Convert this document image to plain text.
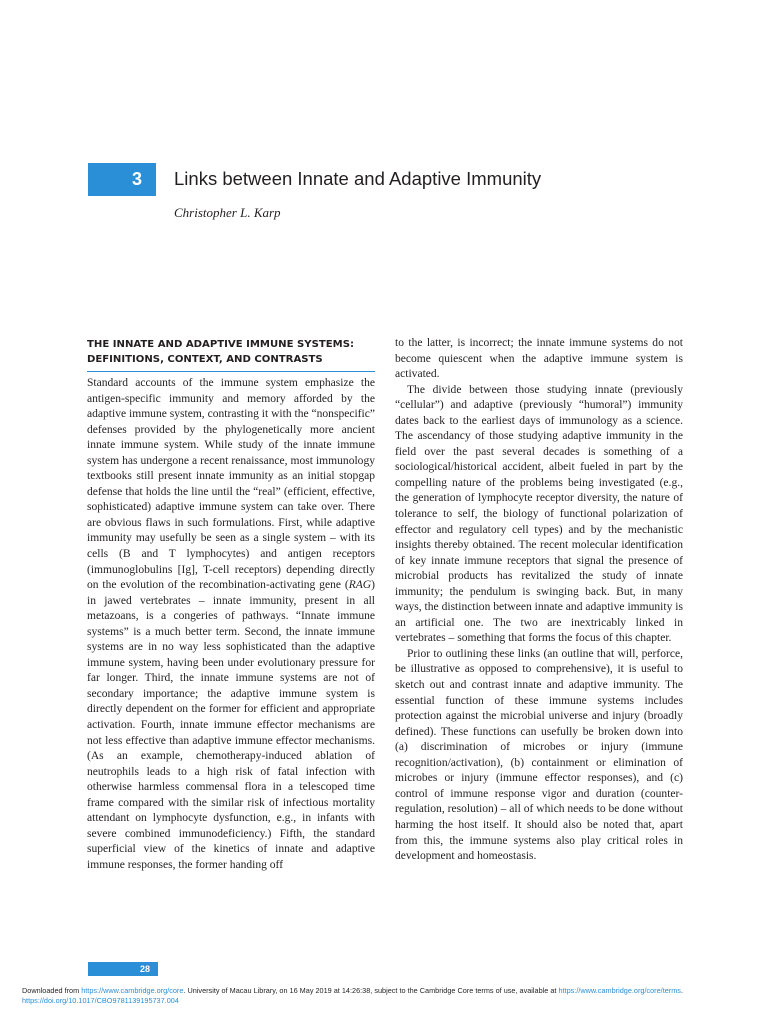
3 Links between Innate and Adaptive Immunity
Christopher L. Karp
THE INNATE AND ADAPTIVE IMMUNE SYSTEMS:
DEFINITIONS, CONTEXT, AND CONTRASTS

Standard accounts of the immune system emphasize the antigen-specific immunity and memory afforded by the adaptive immune system, contrasting it with the “nonspecific” defenses provided by the phylogenetically more ancient innate immune system. While study of the innate immune system has undergone a recent renaissance, most immunology textbooks still present innate immunity as an initial stopgap defense that holds the line until the “real” (efficient, effective, sophisticated) adaptive immune system can take over. There are obvious flaws in such formulations. First, while adaptive immunity may usefully be seen as a single system – with its cells (B and T lymphocytes) and antigen receptors (immunoglobulins [Ig], T-cell receptors) depending directly on the evolution of the recombination-activating gene (RAG) in jawed vertebrates – innate immunity, present in all metazoans, is a congeries of pathways. “Innate immune systems” is a much better term. Second, the innate immune systems are in no way less sophisticated than the adaptive immune system, having been under evolutionary pressure for far longer. Third, the innate immune systems are not of secondary importance; the adaptive immune system is directly dependent on the former for efficient and appropriate activation. Fourth, innate immune effector mechanisms are not less effective than adaptive immune effector mechanisms. (As an example, chemotherapy-induced ablation of neutrophils leads to a high risk of fatal infection with otherwise harmless commensal flora in a telescoped time frame compared with the similar risk of infectious mortality attendant on lymphocyte dysfunction, e.g., in infants with severe combined immunodeficiency.) Fifth, the standard superficial view of the kinetics of innate and adaptive immune responses, the former handing off

to the latter, is incorrect; the innate immune systems do not become quiescent when the adaptive immune system is activated.

The divide between those studying innate (previously “cellular”) and adaptive (previously “humoral”) immunity dates back to the earliest days of immunology as a science. The ascendancy of those studying adaptive immunity in the field over the past several decades is something of a sociological/historical accident, albeit fueled in part by the compelling nature of the problems being investigated (e.g., the generation of lymphocyte receptor diversity, the nature of tolerance to self, the biology of functional polarization of effector and regulatory cell types) and by the mechanistic insights thereby obtained. The recent molecular identification of key innate immune receptors that signal the presence of microbial products has revitalized the study of innate immunity; the pendulum is swinging back. But, in many ways, the distinction between innate and adaptive immunity is an artificial one. The two are inextricably linked in vertebrates – something that forms the focus of this chapter.

Prior to outlining these links (an outline that will, perforce, be illustrative as opposed to comprehensive), it is useful to sketch out and contrast innate and adaptive immunity. The essential function of these immune systems includes protection against the microbial universe and injury (broadly defined). These functions can usefully be broken down into (a) discrimination of microbes or injury (immune recognition/activation), (b) containment or elimination of microbes or injury (immune effector responses), and (c) control of immune response vigor and duration (counter-regulation, resolution) – all of which needs to be done without harming the host itself. It should also be noted that, apart from this, the immune systems also play critical roles in development and homeostasis.

28
Downloaded from https://www.cambridge.org/core. University of Macau Library, on 16 May 2019 at 14:26:38, subject to the Cambridge Core terms of use, available at https://www.cambridge.org/core/terms.
https://doi.org/10.1017/CBO9781139195737.004
